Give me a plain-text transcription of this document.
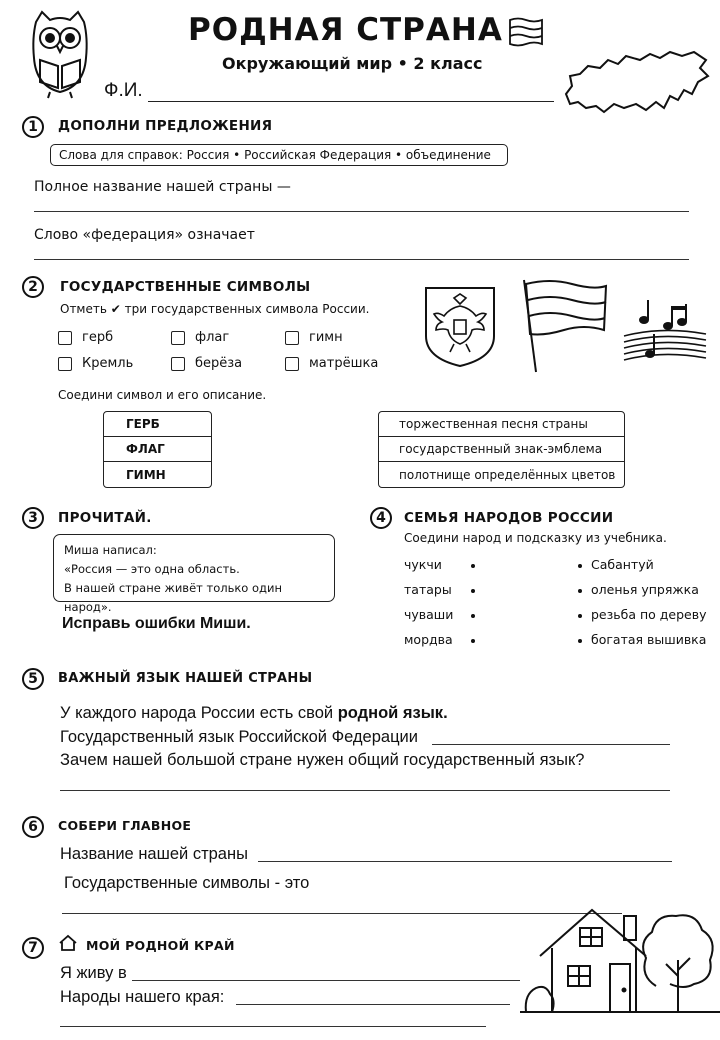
РОДНАЯ СТРАНА
Окружающий мир • 2 класс
Ф.И.
1	ДОПОЛНИ ПРЕДЛОЖЕНИЯ
Слова для справок: Россия • Российская Федерация • объединение
Полное название нашей страны —
Слово «федерация» означает
2	ГОСУДАРСТВЕННЫЕ СИМВОЛЫ
Отметь ✔ три государственных символа России.
герб	флаг	гимн
Кремль	берёза	матрёшка
Соедини символ и его описание.
ГЕРБ
ФЛАГ
ГИМН
торжественная песня страны
государственный знак-эмблема
полотнище определённых цветов
3	ПРОЧИТАЙ.
Миша написал:
«Россия — это одна область.
В нашей стране живёт только один народ».
Исправь ошибки Миши.
4	СЕМЬЯ НАРОДОВ РОССИИ
Соедини народ и подсказку из учебника.
чукчи	Сабантуй
татары	оленья упряжка
чуваши	резьба по дереву
мордва	богатая вышивка
5	ВАЖНЫЙ ЯЗЫК НАШЕЙ СТРАНЫ
У каждого народа России есть свой родной язык.
Государственный язык Российской Федерации
Зачем нашей большой стране нужен общий государственный язык?
6	СОБЕРИ ГЛАВНОЕ
Название нашей страны
Государственные символы - это
7	МОЙ РОДНОЙ КРАЙ
Я живу в
Народы нашего края:
